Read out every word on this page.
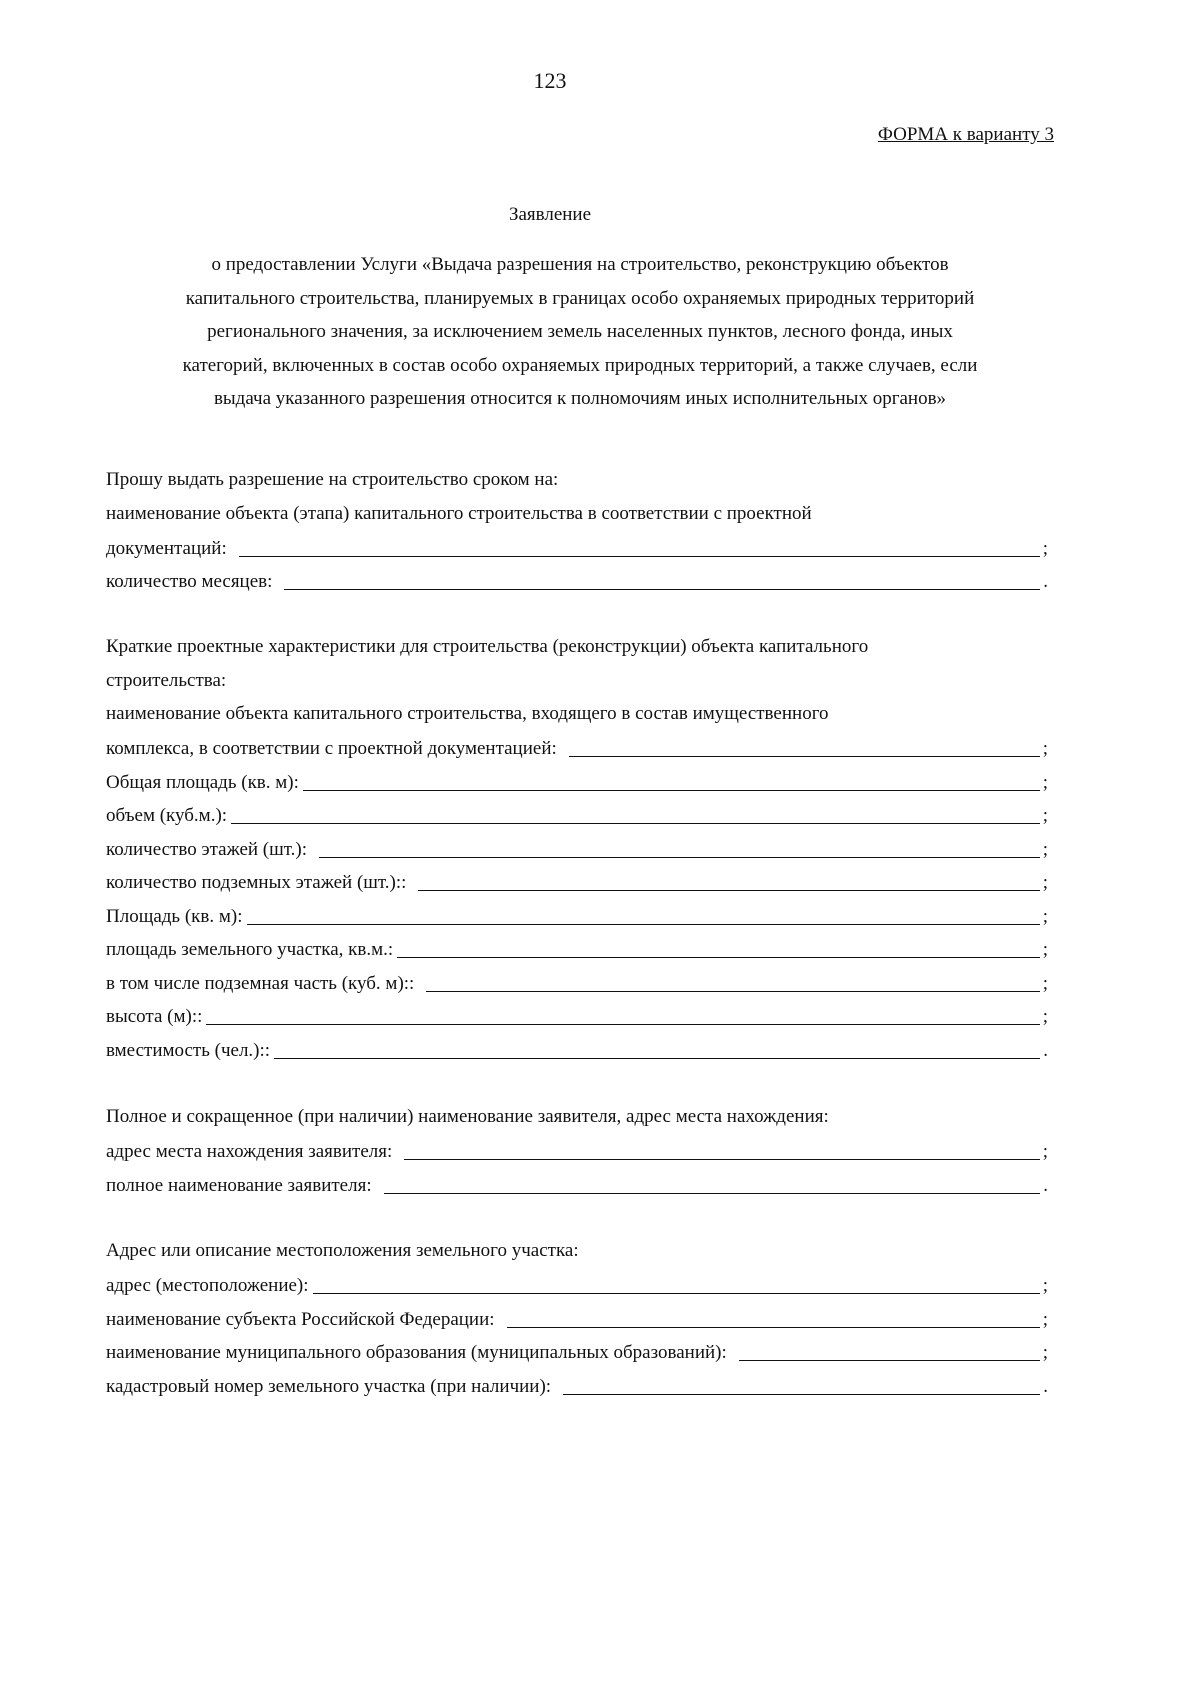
123
ФОРМА к варианту 3
Заявление
о предоставлении Услуги «Выдача разрешения на строительство, реконструкцию объектов
капитального строительства, планируемых в границах особо охраняемых природных территорий
регионального значения, за исключением земель населенных пунктов, лесного фонда, иных
категорий, включенных в состав особо охраняемых природных территорий, а также случаев, если
выдача указанного разрешения относится к полномочиям иных исполнительных органов»
Прошу выдать разрешение на строительство сроком на:
наименование объекта (этапа) капитального строительства в соответствии с проектной
документаций:	;
количество месяцев:	.
Краткие проектные характеристики для строительства (реконструкции) объекта капитального
строительства:
наименование объекта капитального строительства, входящего в состав имущественного
комплекса, в соответствии с проектной документацией:	;
Общая площадь (кв. м):	;
объем (куб.м.):	;
количество этажей (шт.):	;
количество подземных этажей (шт.)::	;
Площадь (кв. м):	;
площадь земельного участка, кв.м.:	;
в том числе подземная часть (куб. м)::	;
высота (м)::	;
вместимость (чел.)::	.
Полное и сокращенное (при наличии) наименование заявителя, адрес места нахождения:
адрес места нахождения заявителя:	;
полное наименование заявителя:	.
Адрес или описание местоположения земельного участка:
адрес (местоположение):	;
наименование субъекта Российской Федерации:	;
наименование муниципального образования (муниципальных образований):	;
кадастровый номер земельного участка (при наличии):	.
